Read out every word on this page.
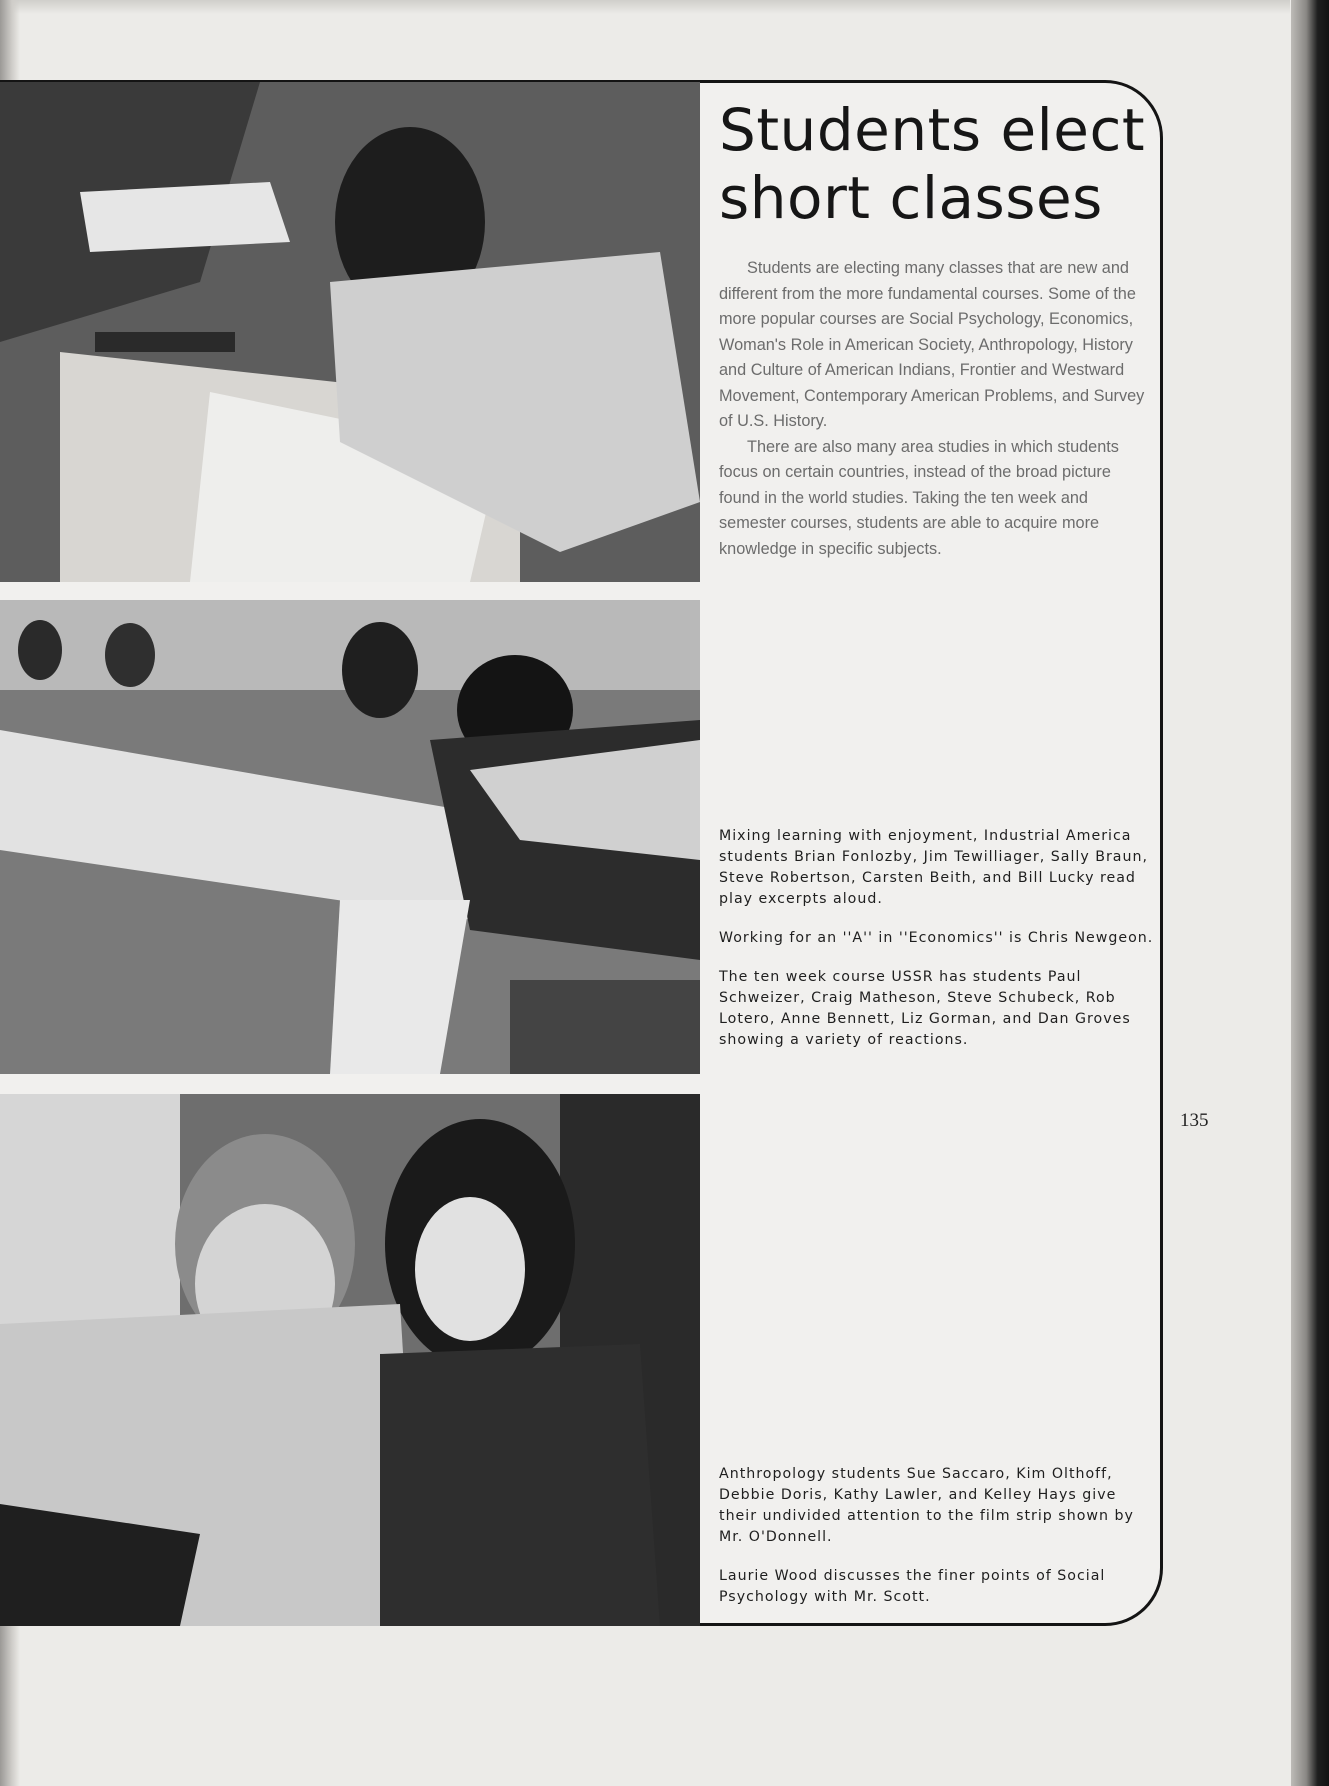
Students elect
short classes

Students are electing many classes that are new and different from the more fundamental courses. Some of the more popular courses are Social Psychology, Economics, Woman's Role in American Society, Anthropology, History and Culture of American Indians, Frontier and Westward Movement, Contemporary American Problems, and Survey of U.S. History.

There are also many area studies in which students focus on certain countries, instead of the broad picture found in the world studies. Taking the ten week and semester courses, students are able to acquire more knowledge in specific subjects.

Mixing learning with enjoyment, Industrial America students Brian Fonlozby, Jim Tewilliager, Sally Braun, Steve Robertson, Carsten Beith, and Bill Lucky read play excerpts aloud.

Working for an ''A'' in ''Economics'' is Chris Newgeon.

The ten week course USSR has students Paul Schweizer, Craig Matheson, Steve Schubeck, Rob Lotero, Anne Bennett, Liz Gorman, and Dan Groves showing a variety of reactions.

Anthropology students Sue Saccaro, Kim Olthoff, Debbie Doris, Kathy Lawler, and Kelley Hays give their undivided attention to the film strip shown by Mr. O'Donnell.

Laurie Wood discusses the finer points of Social Psychology with Mr. Scott.

135
